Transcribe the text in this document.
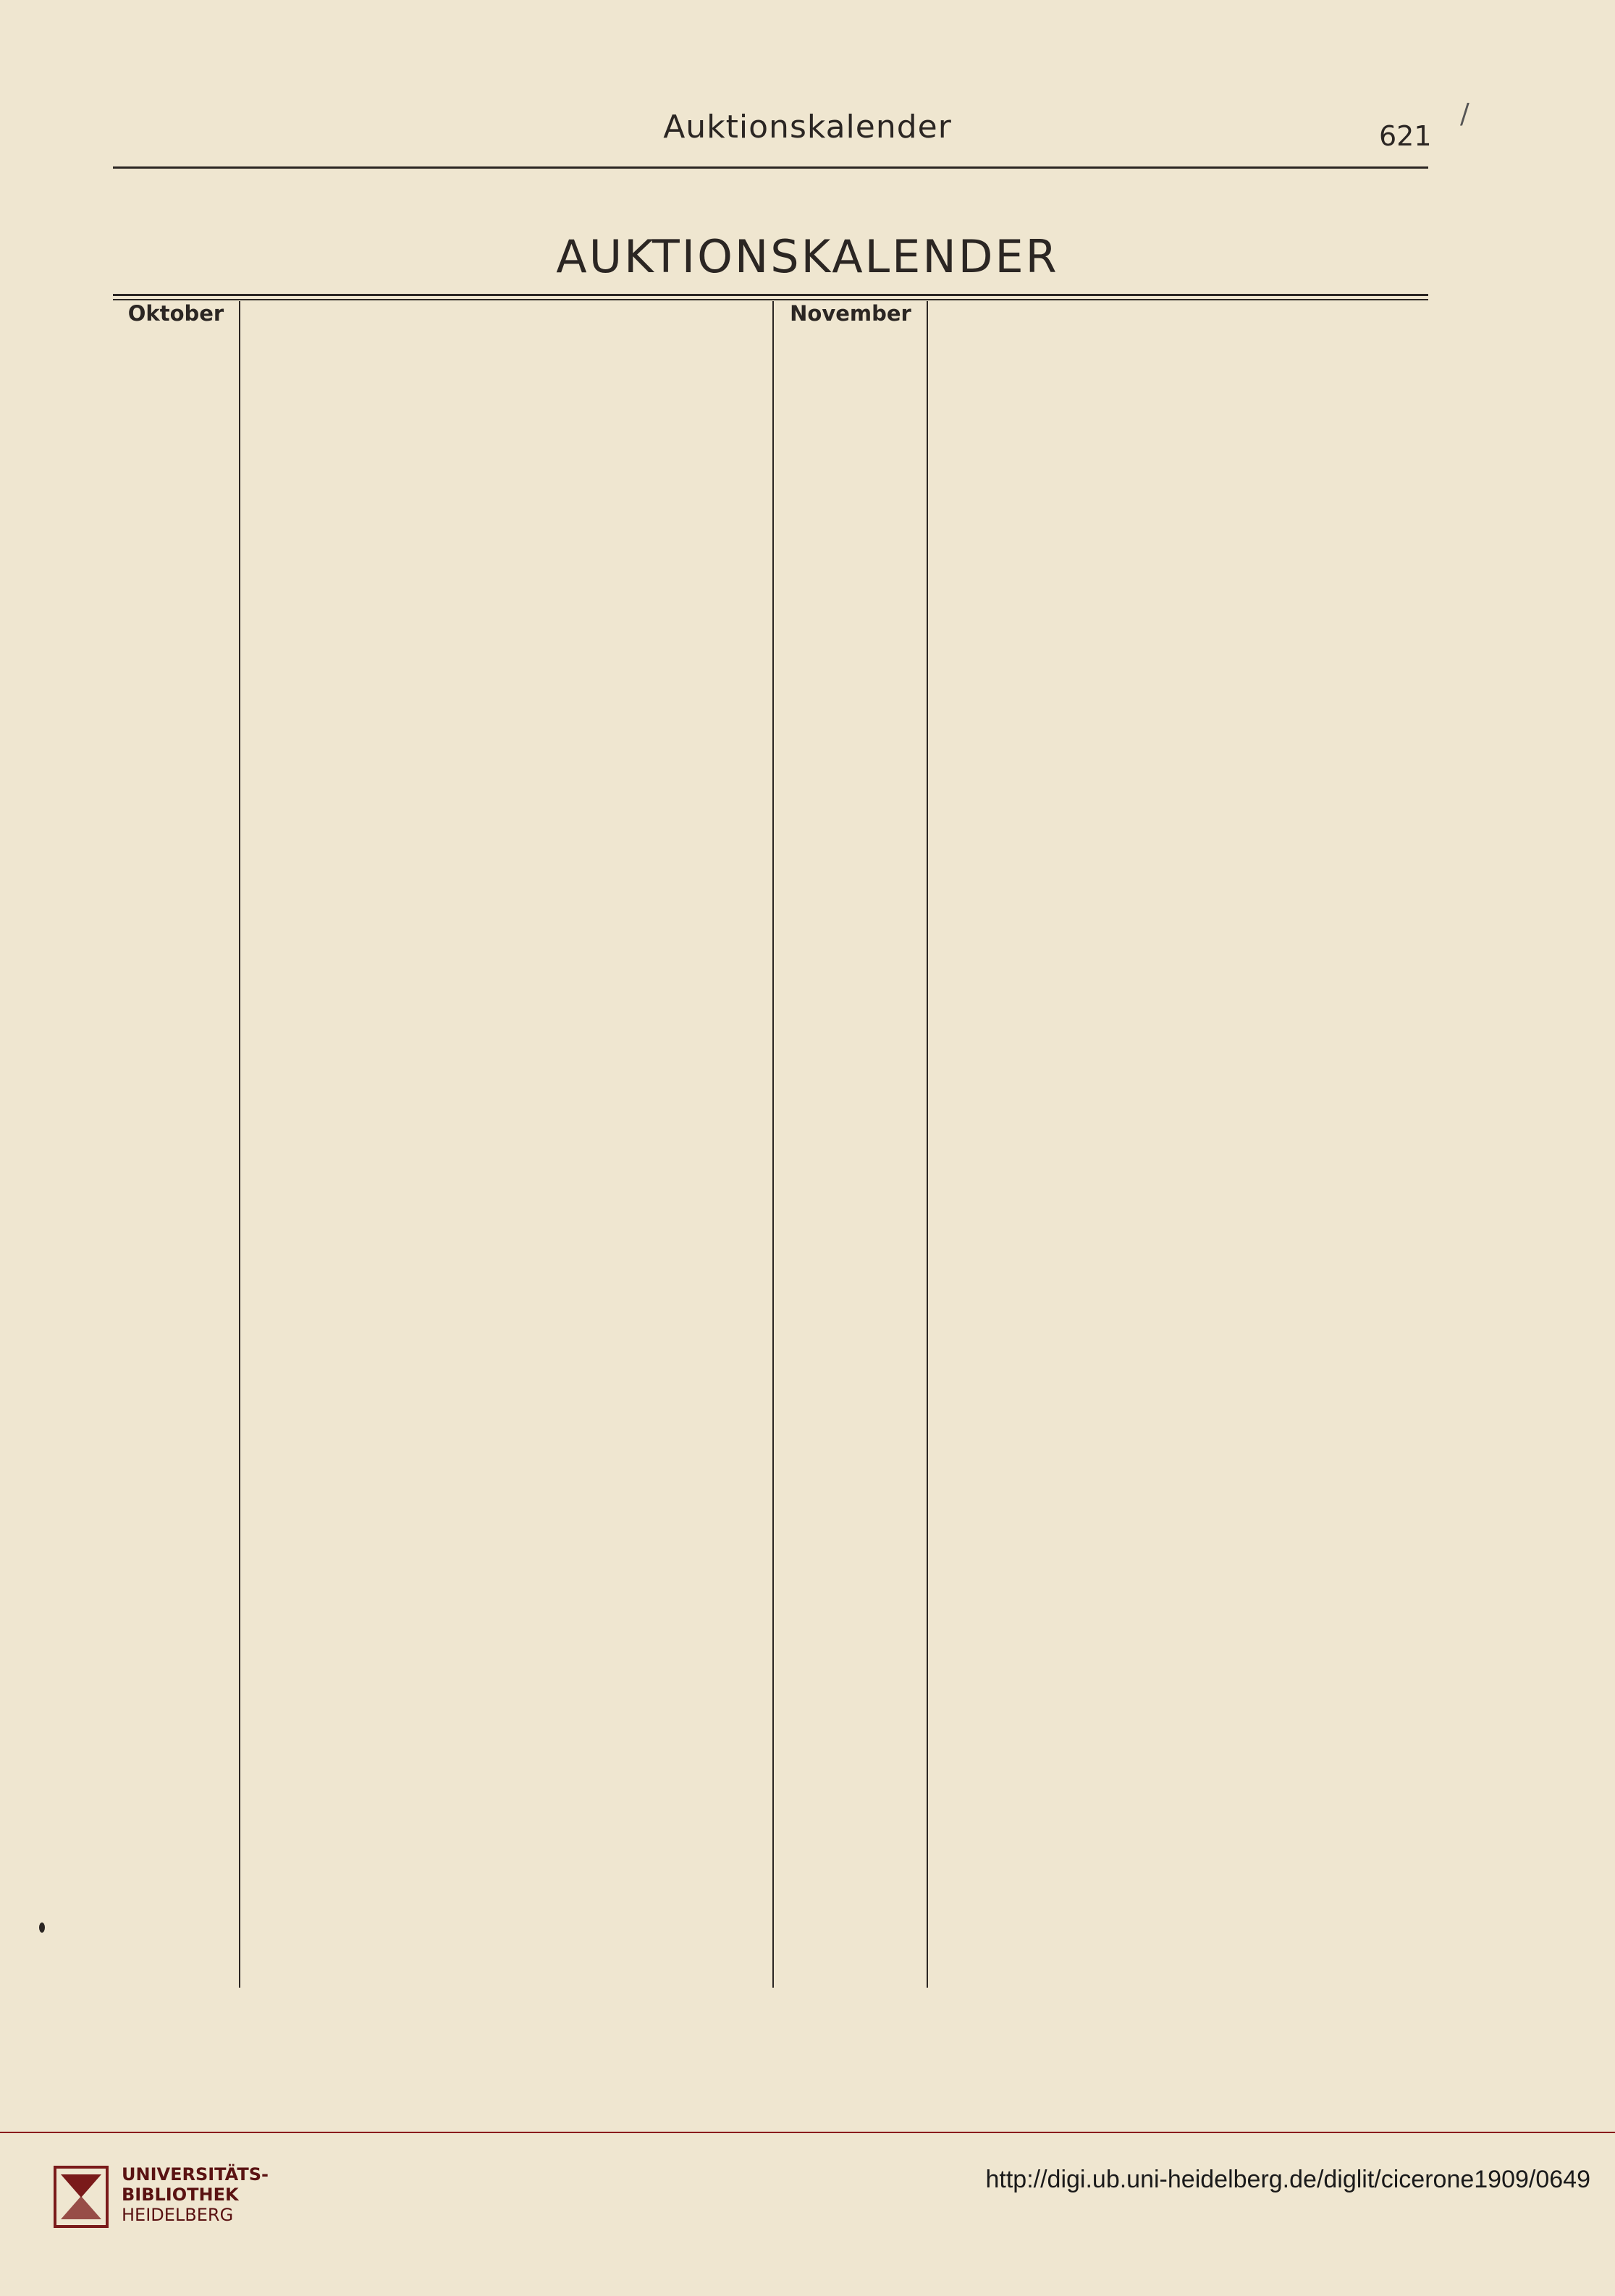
Auktionskalender	621
/
AUKTIONSKALENDER
Oktober	November
UNIVERSITÄTS-
BIBLIOTHEK
HEIDELBERG
http://digi.ub.uni-heidelberg.de/diglit/cicerone1909/0649
